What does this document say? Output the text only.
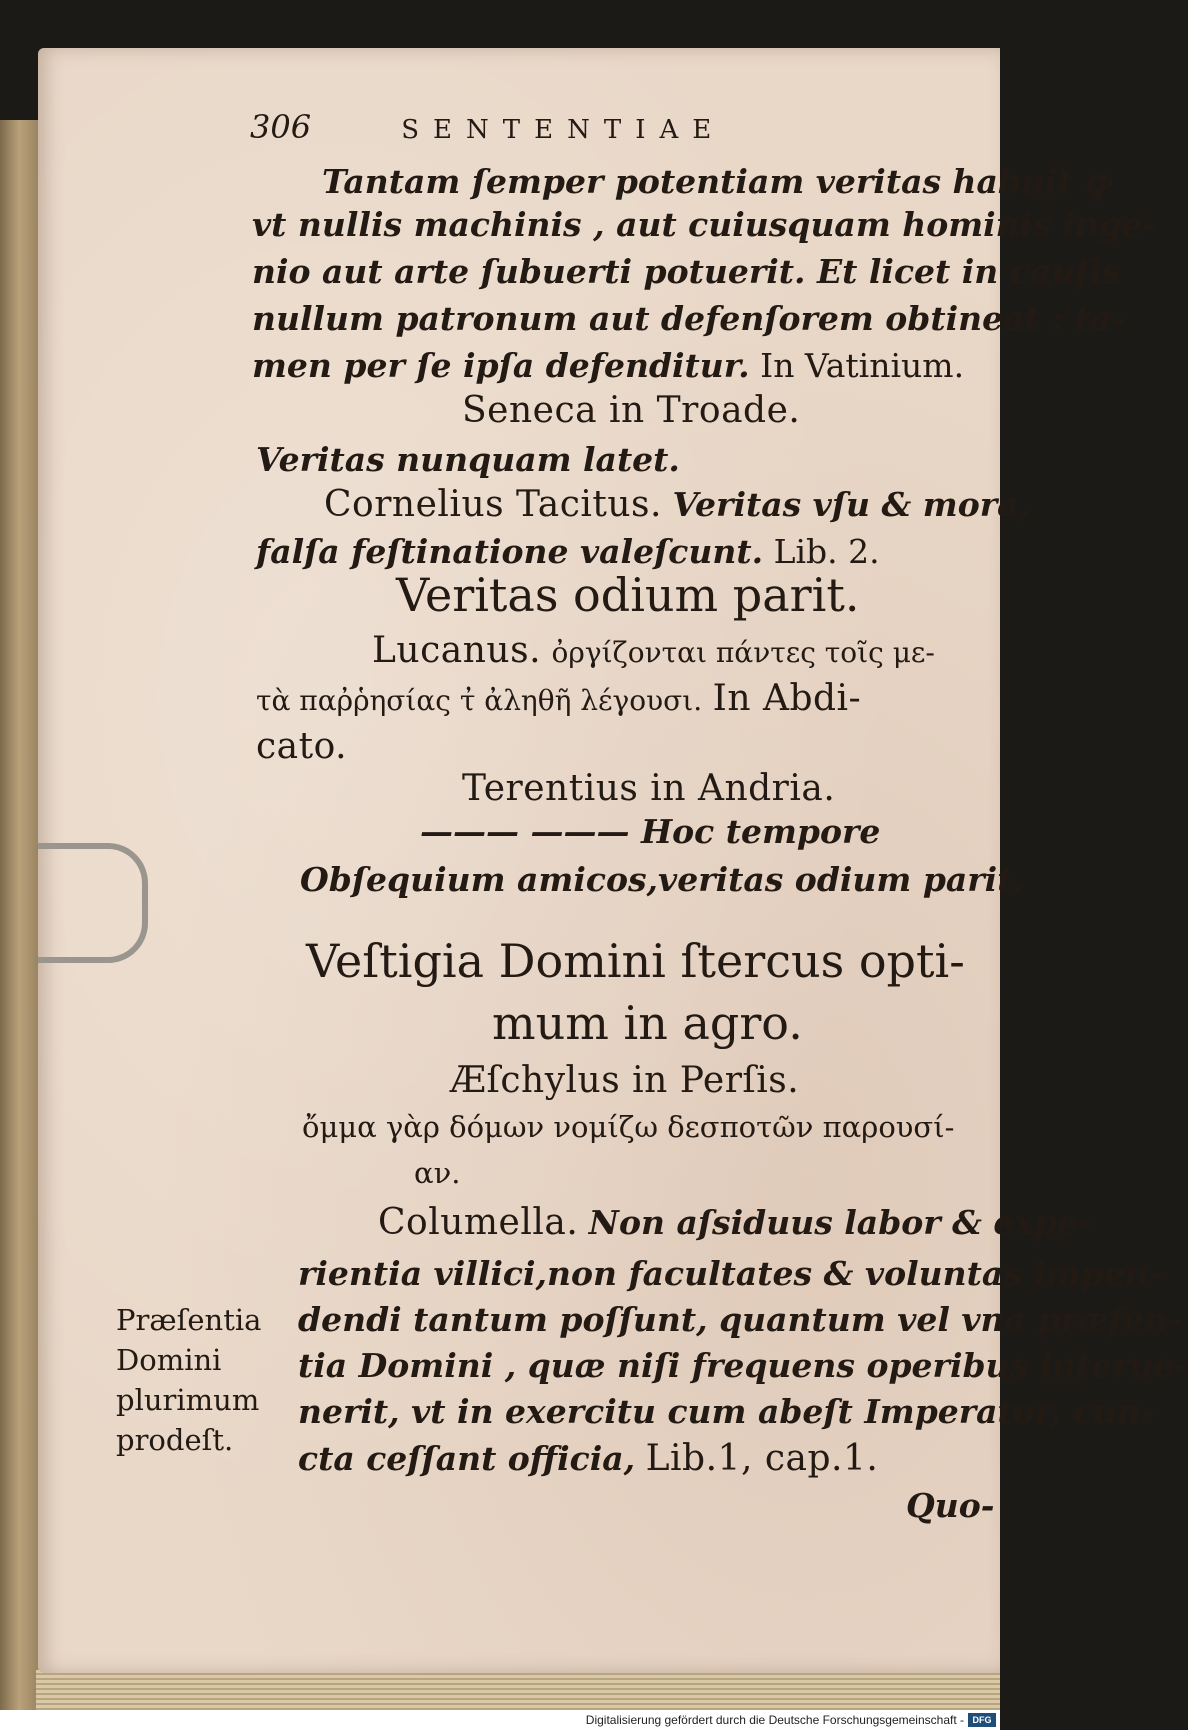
306	SENTENTIAE

Tantam ſemper potentiam veritas habuit ꝙ

vt nullis machinis , aut cuiusquam hominis inge-

nio aut arte ſubuerti potuerit. Et licet in cauſis

nullum patronum aut defenſorem obtineat : ta-

men per ſe ipſa defenditur. In Vatinium.

Seneca in Troade.

Veritas nunquam latet.

Cornelius Tacitus. Veritas vſu & mora,

falſa feſtinatione valeſcunt. Lib. 2.

Veritas odium parit.

Lucanus. ὀργίζονται πάντες τοῖς με-

τὰ παῤῥησίας τ̓ ἀληθῆ λέγουσι. In Abdi-

cato.

Terentius in Andria.

——— ——— Hoc tempore

Obſequium amicos,veritas odium parit.

Veſtigia Domini ſtercus opti-

mum in agro.

Æſchylus in Perſis.

ὄμμα γὰρ δόμων νομίζω δεσποτῶν παρουσί-

αν.

Columella. Non aſsiduus labor & expe-

rientia villici,non facultates & voluntas impen-

dendi tantum poſſunt, quantum vel vna præſen-

tia Domini , quæ niſi frequens operibus interue-

nerit, vt in exercitu cum abeſt Imperator, cun-

cta ceſſant officia, Lib.1, cap.1.

Præſentia
Domini
plurimum
prodeſt.

Quo-

Digitalisierung gefördert durch die Deutsche Forschungsgemeinschaft - DFG
